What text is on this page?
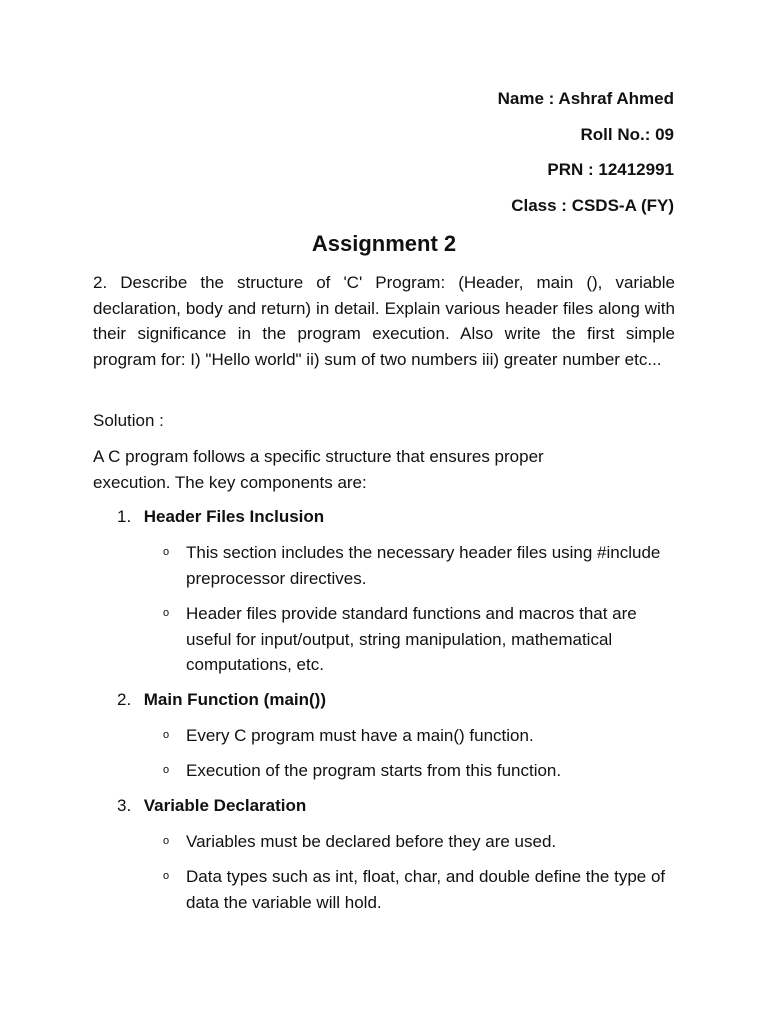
Name : Ashraf Ahmed
Roll No.: 09
PRN : 12412991
Class : CSDS-A (FY)
Assignment 2
2. Describe the structure of 'C' Program: (Header, main (), variable declaration, body and return) in detail. Explain various header files along with their significance in the program execution. Also write the first simple program for: I) "Hello world" ii) sum of two numbers iii) greater number etc...
Solution :
A C program follows a specific structure that ensures proper execution. The key components are:
1. Header Files Inclusion
o This section includes the necessary header files using #include preprocessor directives.
o Header files provide standard functions and macros that are useful for input/output, string manipulation, mathematical computations, etc.
2. Main Function (main())
o Every C program must have a main() function.
o Execution of the program starts from this function.
3. Variable Declaration
o Variables must be declared before they are used.
o Data types such as int, float, char, and double define the type of data the variable will hold.
